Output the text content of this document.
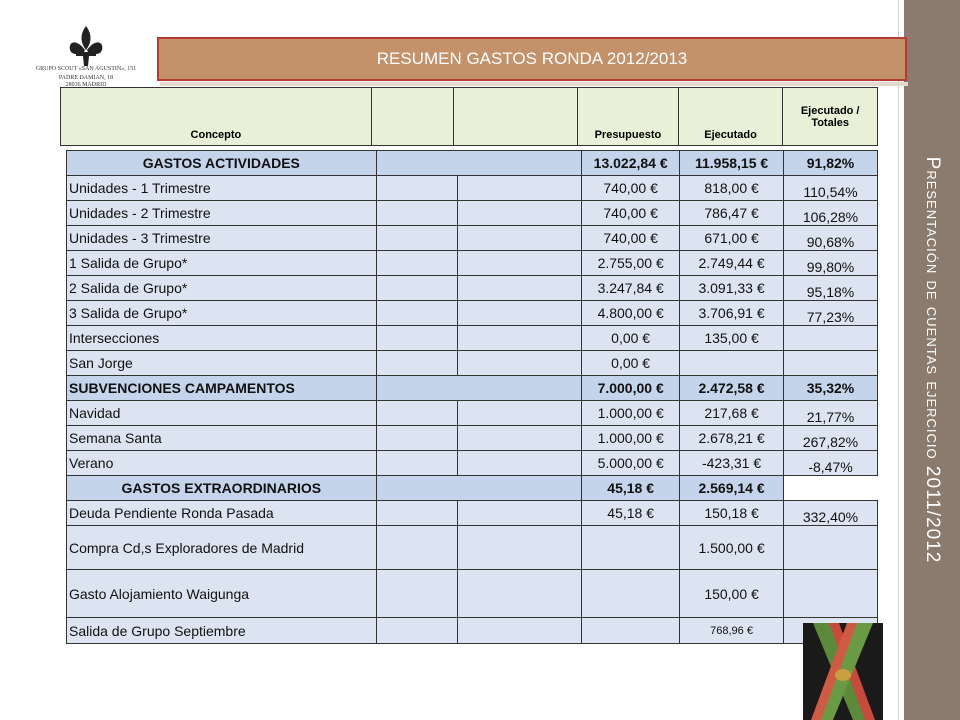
Presentación de cuentas ejercicio 2011/2012
GRUPO SCOUT «SAN AGUSTIN», 151
PADRE DAMIAN, 18
28036 MADRID
RESUMEN GASTOS RONDA 2012/2013
Concepto			Presupuesto	Ejecutado	Ejecutado / Totales
GASTOS ACTIVIDADES			13.022,84 €	11.958,15 €	91,82%
Unidades - 1 Trimestre			740,00 €	818,00 €	110,54%
Unidades - 2 Trimestre			740,00 €	786,47 €	106,28%
Unidades - 3 Trimestre			740,00 €	671,00 €	90,68%
1 Salida de Grupo*			2.755,00 €	2.749,44 €	99,80%
2 Salida de Grupo*			3.247,84 €	3.091,33 €	95,18%
3 Salida de Grupo*			4.800,00 €	3.706,91 €	77,23%
Intersecciones			0,00 €	135,00 €	
San Jorge			0,00 €		
SUBVENCIONES CAMPAMENTOS			7.000,00 €	2.472,58 €	35,32%
Navidad			1.000,00 €	217,68 €	21,77%
Semana Santa			1.000,00 €	2.678,21 €	267,82%
Verano			5.000,00 €	-423,31 €	-8,47%
GASTOS EXTRAORDINARIOS			45,18 €	2.569,14 €	
Deuda Pendiente Ronda Pasada			45,18 €	150,18 €	332,40%
Compra Cd,s Exploradores de Madrid				1.500,00 €	
Gasto Alojamiento Waigunga				150,00 €	
Salida de Grupo Septiembre				768,96 €	
